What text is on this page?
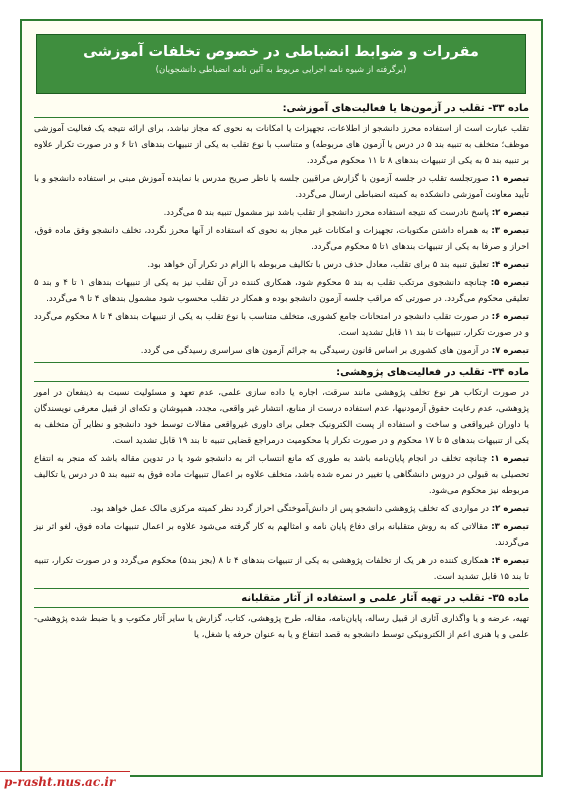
مقررات و ضوابط انضباطی در خصوص تخلفات آموزشی
(برگرفته از شیوه نامه اجرایی مربوط به آئین نامه انضباطی دانشجویان)
ماده ۳۳- تقلب در آزمون‌ها یا فعالیت‌های آموزشی:

تقلب عبارت است از استفاده محرز دانشجو از اطلاعات، تجهیزات یا امکانات به نحوی که مجاز نباشد، برای ارائه نتیجه یک فعالیت آموزشی موظف؛ متخلف به تنبیه بند ۵ در درس یا آزمون های مربوطه) و متناسب با نوع تقلب به یکی از تنبیهات بندهای ۱تا ۶ و در صورت تکرار علاوه بر تنبیه بند ۵ به یکی از تنبیهات بندهای ۸ تا ۱۱ محکوم می‌گردد.

تبصره ۱: صورتجلسه تقلب در جلسه آزمون با گزارش مراقبین جلسه یا ناظر صریح مدرس با نماینده آموزش مبنی بر استفاده دانشجو و با تأیید معاونت آموزشی دانشکده به کمیته انضباطی ارسال می‌گردد.

تبصره ۲: پاسخ نادرست که نتیجه استفاده محرز دانشجو از تقلب باشد نیز مشمول تنبیه بند ۵ می‌گردد.

تبصره ۳: به همراه داشتن مکتوبات، تجهیزات و امکانات غیر مجاز به نحوی که استفاده از آنها محرز نگردد، تخلف دانشجو وفق ماده فوق، احراز و صرفا به یکی از تنبیهات بندهای ۱تا ۵ محکوم می‌گردد.

تبصره ۴: تعلیق تنبیه بند ۵ برای تقلب، معادل حذف درس با تکالیف مربوطه با الزام در تکرار آن خواهد بود.

تبصره ۵: چنانچه دانشجوی مرتکب تقلب به بند ۵ محکوم شود، همکاری کننده در آن تقلب نیز به یکی از تنبیهات بندهای ۱ تا ۴ و بند ۵ تعلیقی محکوم می‌گردد. در صورتی که مراقب جلسه آزمون دانشجو بوده و همکار در تقلب محسوب شود مشمول بندهای ۴ تا ۹ می‌گردد.

تبصره ۶: در صورت تقلب دانشجو در امتحانات جامع کشوری، متخلف متناسب با نوع تقلب به یکی از تنبیهات بندهای ۴ تا ۸ محکوم می‌گردد و در صورت تکرار، تنبیهات تا بند ۱۱ قابل تشدید است.

تبصره ۷: در آزمون های کشوری بر اساس قانون رسیدگی به جرائم آزمون های سراسری رسیدگی می گردد.

ماده ۳۴- تقلب در فعالیت‌های پژوهشی:

در صورت ارتکاب هر نوع تخلف پژوهشی مانند سرقت، اجاره یا داده سازی علمی، عدم تعهد و مسئولیت نسبت به ذینفعان در امور پژوهشی، عدم رعایت حقوق آزمودنیها، عدم استفاده درست از منابع، انتشار غیر واقعی، مجدد، همپوشان و تکه‌ای از قبیل معرفی نویسندگان یا داوران غیرواقعی و ساخت و استفاده از پست الکترونیک جعلی برای داوری غیرواقعی مقالات توسط خود دانشجو و نظایر آن متخلف به یکی از تنبیهات بندهای ۵ تا ۱۷ محکوم و در صورت تکرار یا محکومیت درمراجع قضایی تنبیه تا بند ۱۹ قابل تشدید است.

تبصره ۱: چنانچه تخلف در انجام پایان‌نامه باشد به طوری که مانع انتساب اثر به دانشجو شود یا در تدوین مقاله باشد که منجر به انتفاع تحصیلی به قبولی در دروس دانشگاهی یا تغییر در نمره شده باشد، متخلف علاوه بر اعمال تنبیهات ماده فوق به تنبیه بند ۵ در درس یا تکالیف مربوطه نیز محکوم می‌شود.

تبصره ۲: در مواردی که تخلف پژوهشی دانشجو پس از دانش‌آموختگی احراز گردد نظر کمیته مرکزی مالک عمل خواهد بود.

تبصره ۳: مقالاتی که به روش متقلبانه برای دفاع پایان نامه و امثالهم به کار گرفته می‌شود علاوه بر اعمال تنبیهات ماده فوق، لغو اثر نیز می‌گردند.

تبصره ۴: همکاری کننده در هر یک از تخلفات پژوهشی به یکی از تنبیهات بندهای ۴ تا ۸ (بجز بند۵) محکوم می‌گردد و در صورت تکرار، تنبیه تا بند ۱۵ قابل تشدید است.

ماده ۳۵- تقلب در تهیه آثار علمی و استفاده از آثار متقلبانه

تهیه، عرضه و یا واگذاری آثاری از قبیل رساله، پایان‌نامه، مقاله، طرح پژوهشی، کتاب، گزارش یا سایر آثار مکتوب و یا ضبط شده پژوهشی- علمی و یا هنری اعم از الکترونیکی توسط دانشجو به قصد انتفاع و یا به عنوان حرفه یا شغل، یا

p-rasht.nus.ac.ir
